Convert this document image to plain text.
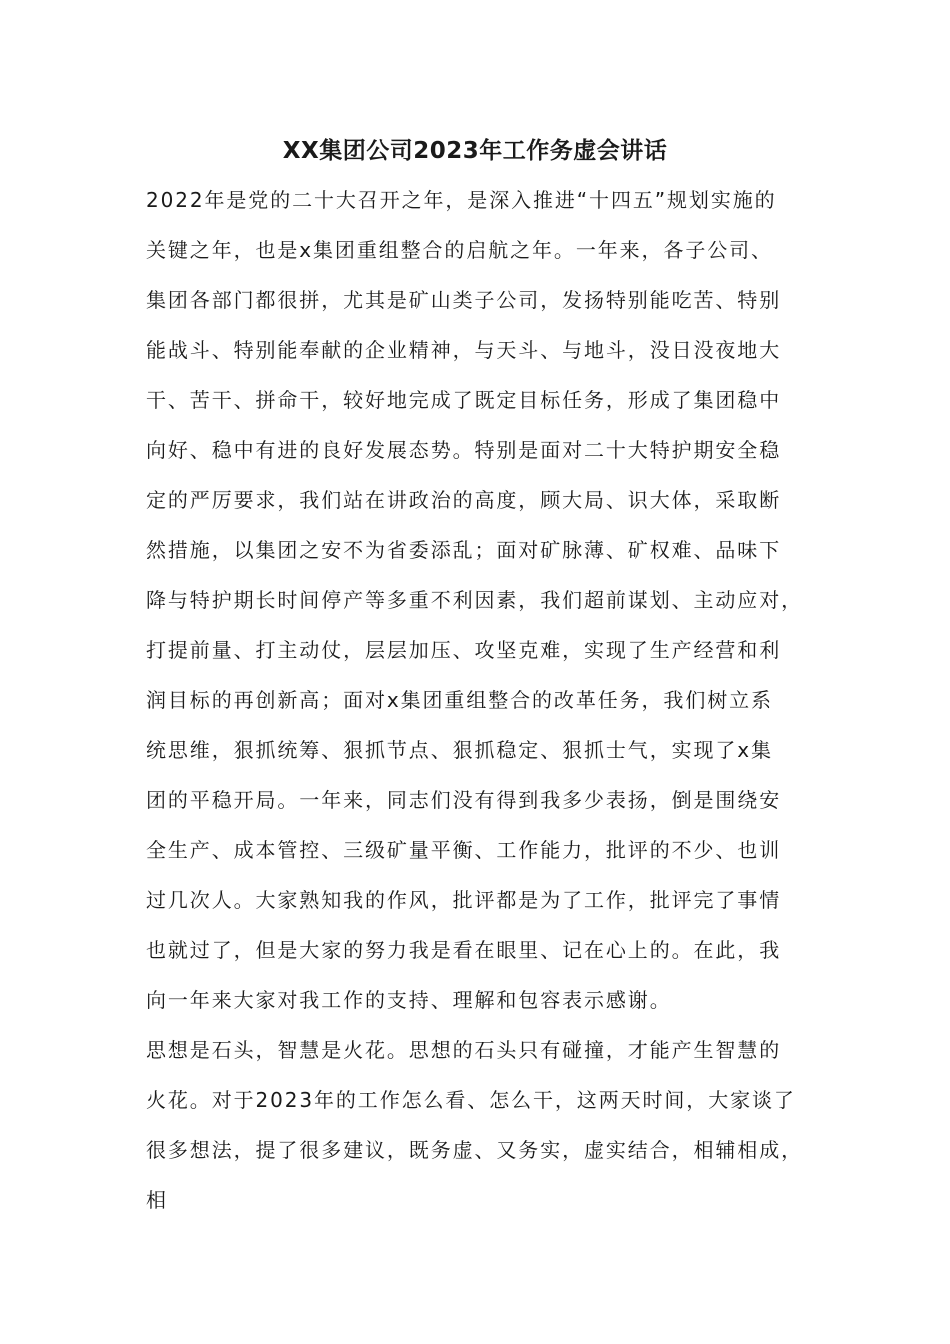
XX集团公司2023年工作务虚会讲话
2022年是党的二十大召开之年，是深入推进“十四五”规划实施的
关键之年，也是x集团重组整合的启航之年。一年来，各子公司、
集团各部门都很拼，尤其是矿山类子公司，发扬特别能吃苦、特别
能战斗、特别能奉献的企业精神，与天斗、与地斗，没日没夜地大
干、苦干、拼命干，较好地完成了既定目标任务，形成了集团稳中
向好、稳中有进的良好发展态势。特别是面对二十大特护期安全稳
定的严厉要求，我们站在讲政治的高度，顾大局、识大体，采取断
然措施，以集团之安不为省委添乱；面对矿脉薄、矿权难、品味下
降与特护期长时间停产等多重不利因素，我们超前谋划、主动应对，
打提前量、打主动仗，层层加压、攻坚克难，实现了生产经营和利
润目标的再创新高；面对x集团重组整合的改革任务，我们树立系
统思维，狠抓统筹、狠抓节点、狠抓稳定、狠抓士气，实现了x集
团的平稳开局。一年来，同志们没有得到我多少表扬，倒是围绕安
全生产、成本管控、三级矿量平衡、工作能力，批评的不少、也训
过几次人。大家熟知我的作风，批评都是为了工作，批评完了事情
也就过了，但是大家的努力我是看在眼里、记在心上的。在此，我
向一年来大家对我工作的支持、理解和包容表示感谢。
思想是石头，智慧是火花。思想的石头只有碰撞，才能产生智慧的
火花。对于2023年的工作怎么看、怎么干，这两天时间，大家谈了
很多想法，提了很多建议，既务虚、又务实，虚实结合，相辅相成，
相
